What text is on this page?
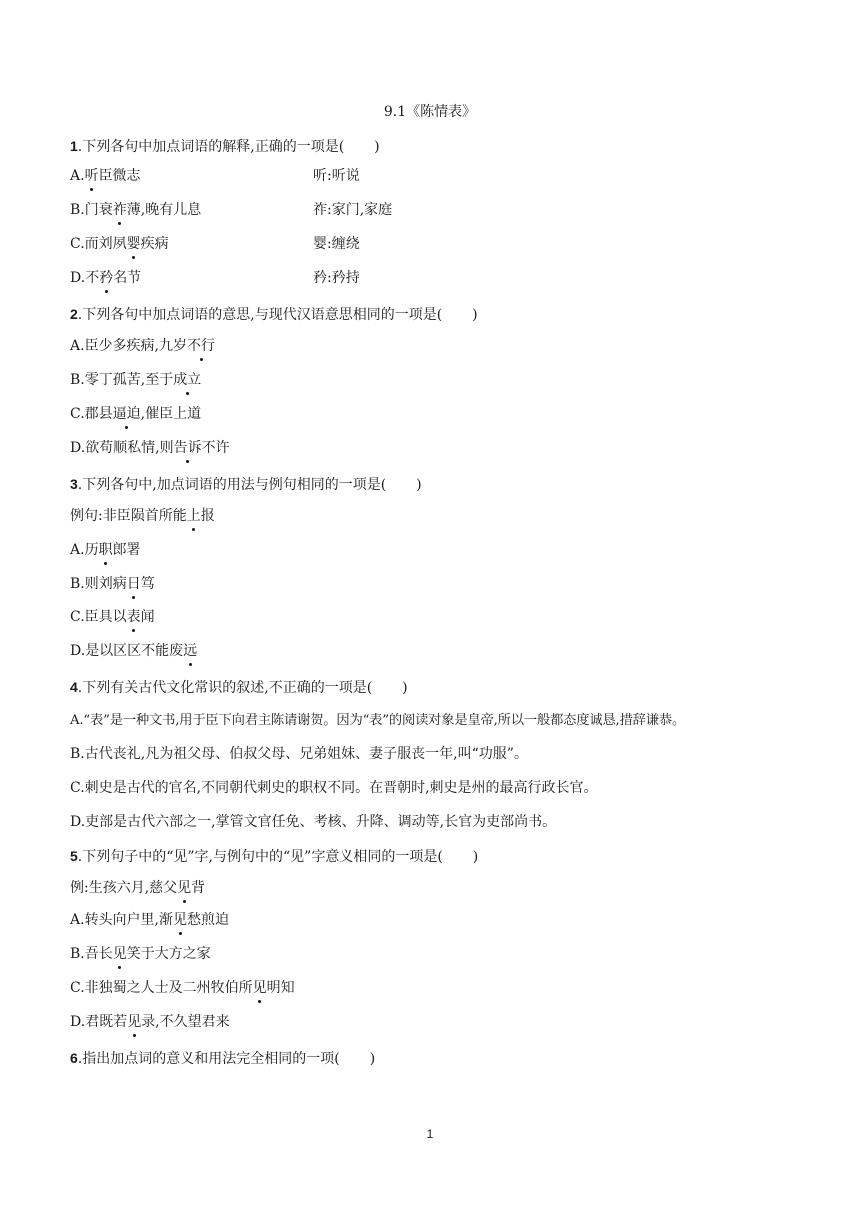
9.1《陈情表》
1.下列各句中加点词语的解释,正确的一项是( )
A.听臣微志	听:听说
B.门衰祚薄,晚有儿息	祚:家门,家庭
C.而刘夙婴疾病	婴:缠绕
D.不矜名节	矜:矜持
2.下列各句中加点词语的意思,与现代汉语意思相同的一项是( )
A.臣少多疾病,九岁不行
B.零丁孤苦,至于成立
C.郡县逼迫,催臣上道
D.欲苟顺私情,则告诉不许
3.下列各句中,加点词语的用法与例句相同的一项是( )
例句:非臣陨首所能上报
A.历职郎署
B.则刘病日笃
C.臣具以表闻
D.是以区区不能废远
4.下列有关古代文化常识的叙述,不正确的一项是( )
A.“表”是一种文书,用于臣下向君主陈请谢贺。因为“表”的阅读对象是皇帝,所以一般都态度诚恳,措辞谦恭。
B.古代丧礼,凡为祖父母、伯叔父母、兄弟姐妹、妻子服丧一年,叫“功服”。
C.刺史是古代的官名,不同朝代刺史的职权不同。在晋朝时,刺史是州的最高行政长官。
D.吏部是古代六部之一,掌管文官任免、考核、升降、调动等,长官为吏部尚书。
5.下列句子中的“见”字,与例句中的“见”字意义相同的一项是( )
例:生孩六月,慈父见背
A.转头向户里,渐见愁煎迫
B.吾长见笑于大方之家
C.非独蜀之人士及二州牧伯所见明知
D.君既若见录,不久望君来
6.指出加点词的意义和用法完全相同的一项( )
1
